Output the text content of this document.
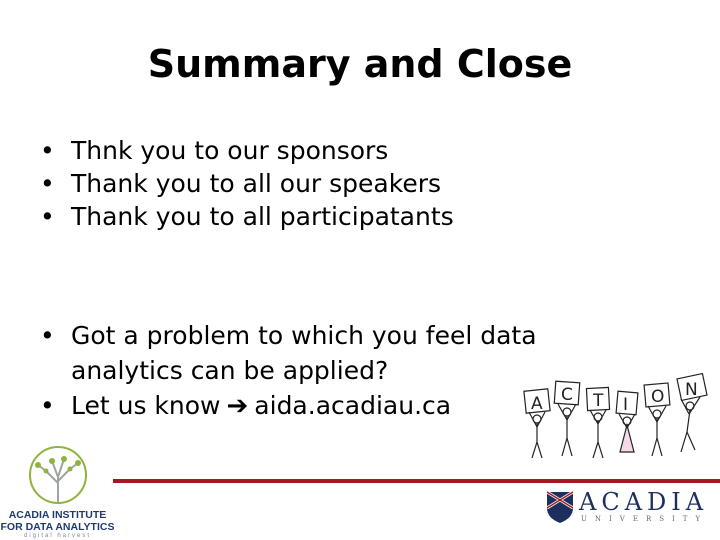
Summary and Close
• Thnk you to our sponsors
• Thank you to all our speakers
• Thank you to all participatants
• Got a problem to which you feel data analytics can be applied?
• Let us know ➔ aida.acadiau.ca	A C T I O N
ACADIA INSTITUTE
FOR DATA ANALYTICS
digital harvest
ACADIA
UNIVERSITY
